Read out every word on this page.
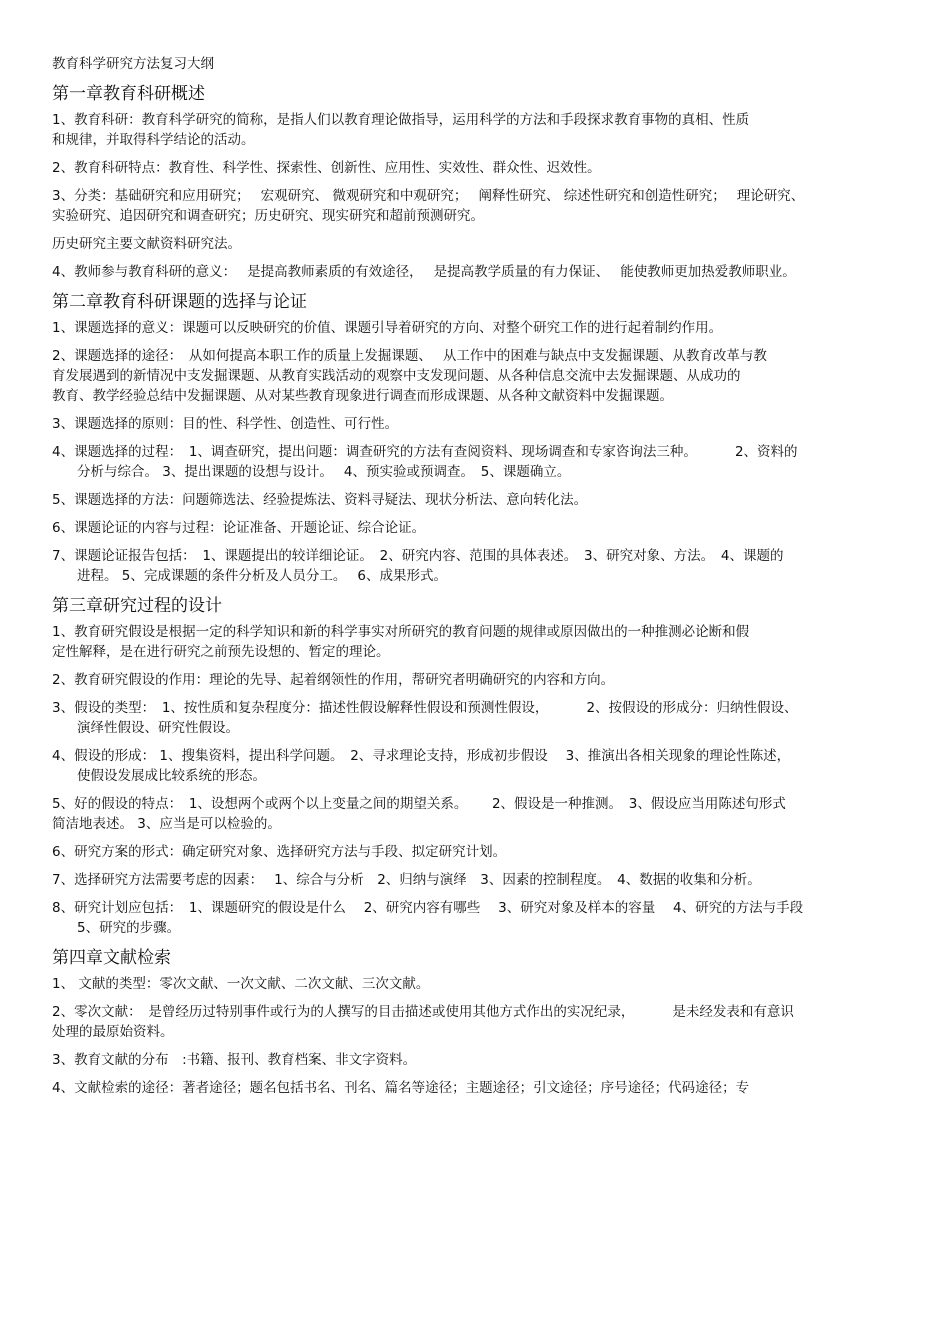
教育科学研究方法复习大纲
第一章教育科研概述
1、教育科研：教育科学研究的简称，是指人们以教育理论做指导，运用科学的方法和手段探求教育事物的真相、性质
和规律，并取得科学结论的活动。
2、教育科研特点：教育性、科学性、探索性、创新性、应用性、实效性、群众性、迟效性。
3、分类：基础研究和应用研究；　 宏观研究、 微观研究和中观研究；　 阐释性研究、 综述性研究和创造性研究；　 理论研究、
实验研究、追因研究和调查研究；历史研究、现实研究和超前预测研究。
历史研究主要文献资料研究法。
4、教师参与教育科研的意义：　 是提高教师素质的有效途径，　 是提高教学质量的有力保证、　 能使教师更加热爱教师职业。
第二章教育科研课题的选择与论证
1、课题选择的意义：课题可以反映研究的价值、课题引导着研究的方向、对整个研究工作的进行起着制约作用。
2、课题选择的途径：　从如何提高本职工作的质量上发掘课题、　 从工作中的困难与缺点中支发掘课题、从教育改革与教
育发展遇到的新情况中支发掘课题、从教育实践活动的观察中支发现问题、从各种信息交流中去发掘课题、从成功的
教育、教学经验总结中发掘课题、从对某些教育现象进行调查而形成课题、从各种文献资料中发掘课题。
3、课题选择的原则：目的性、科学性、创造性、可行性。
4、课题选择的过程：　1、调查研究，提出问题：调查研究的方法有查阅资料、现场调查和专家咨询法三种。　　　 2、资料的
分析与综合。 3、提出课题的设想与设计。　 4、预实验或预调查。　5、课题确立。
5、课题选择的方法：问题筛选法、经验提炼法、资料寻疑法、现状分析法、意向转化法。
6、课题论证的内容与过程：论证准备、开题论证、综合论证。
7、课题论证报告包括：　1、课题提出的较详细论证。　2、研究内容、范围的具体表述。　3、研究对象、方法。　4、课题的
进程。 5、完成课题的条件分析及人员分工。　 6、成果形式。
第三章研究过程的设计
1、教育研究假设是根据一定的科学知识和新的科学事实对所研究的教育问题的规律或原因做出的一种推测必论断和假
定性解释，是在进行研究之前预先设想的、暂定的理论。
2、教育研究假设的作用：理论的先导、起着纲领性的作用，帮研究者明确研究的内容和方向。
3、假设的类型：　1、按性质和复杂程度分：描述性假设解释性假设和预测性假设，　　　 2、按假设的形成分：归纳性假设、
演绎性假设、研究性假设。
4、假设的形成： 1、搜集资料，提出科学问题。　2、寻求理论支持，形成初步假设　 3、推演出各相关现象的理论性陈述，
使假设发展成比较系统的形态。
5、好的假设的特点：　1、设想两个或两个以上变量之间的期望关系。　　 2、假设是一种推测。　3、假设应当用陈述句形式
简洁地表述。 3、应当是可以检验的。
6、研究方案的形式：确定研究对象、选择研究方法与手段、拟定研究计划。
7、选择研究方法需要考虑的因素：　 1、综合与分析　2、归纳与演绎　3、因素的控制程度。　4、数据的收集和分析。
8、研究计划应包括：　1、课题研究的假设是什么　 2、研究内容有哪些　 3、研究对象及样本的容量　 4、研究的方法与手段
5、研究的步骤。
第四章文献检索
1、 文献的类型：零次文献、一次文献、二次文献、三次文献。
2、零次文献：　是曾经历过特别事件或行为的人撰写的目击描述或使用其他方式作出的实况纪录，　　　 是未经发表和有意识
处理的最原始资料。
3、教育文献的分布　:书籍、报刊、教育档案、非文字资料。
4、文献检索的途径：著者途径；题名包括书名、刊名、篇名等途径；主题途径；引文途径；序号途径；代码途径；专
